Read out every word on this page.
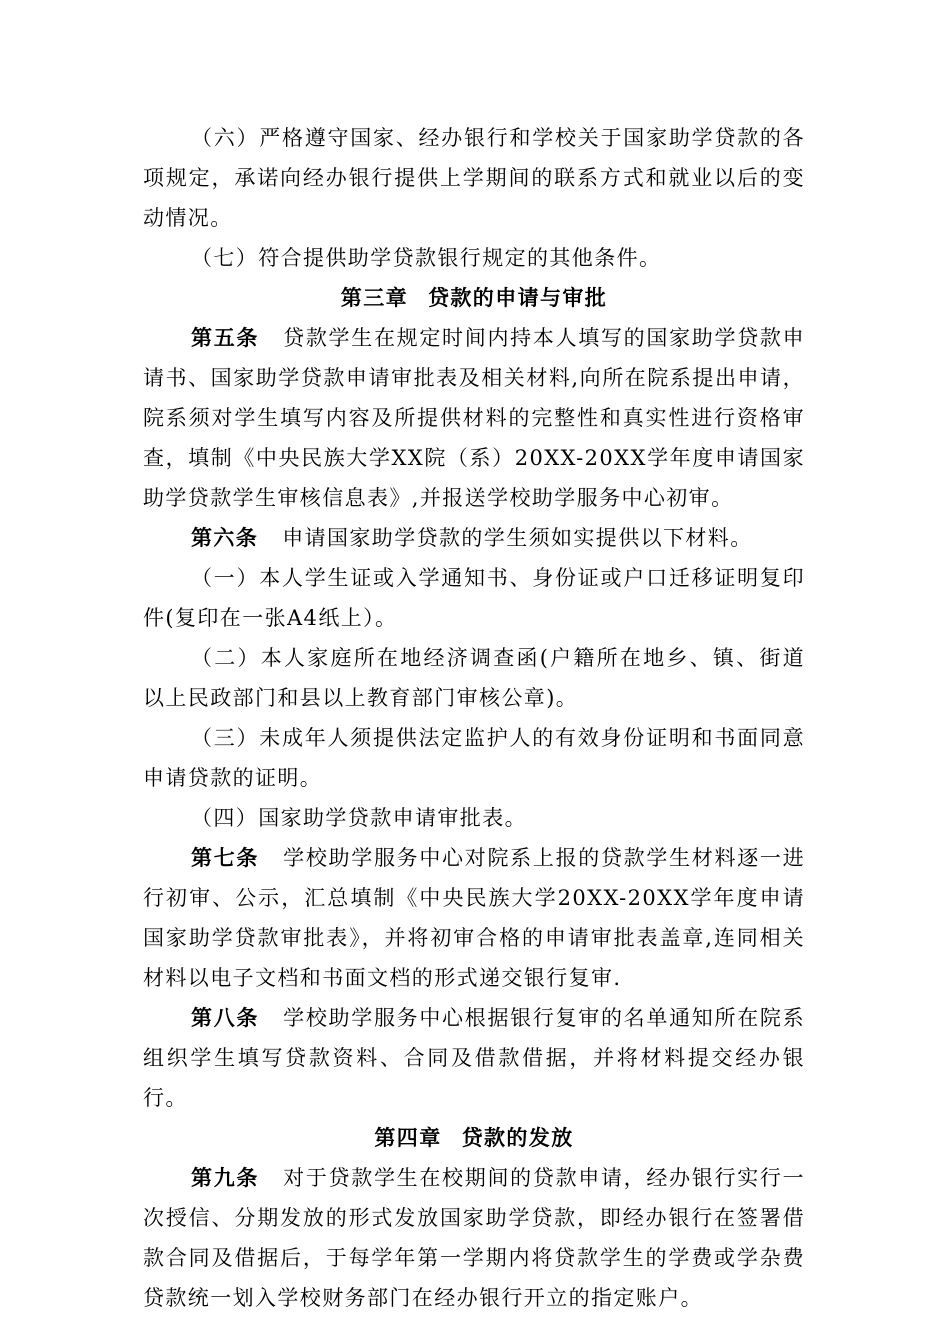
（六）严格遵守国家、经办银行和学校关于国家助学贷款的各项规定，承诺向经办银行提供上学期间的联系方式和就业以后的变动情况。

（七）符合提供助学贷款银行规定的其他条件。

第三章 贷款的申请与审批

第五条 贷款学生在规定时间内持本人填写的国家助学贷款申请书、国家助学贷款申请审批表及相关材料,向所在院系提出申请，院系须对学生填写内容及所提供材料的完整性和真实性进行资格审查，填制《中央民族大学XX院（系）20XX-20XX学年度申请国家助学贷款学生审核信息表》,并报送学校助学服务中心初审。

第六条 申请国家助学贷款的学生须如实提供以下材料。

（一）本人学生证或入学通知书、身份证或户口迁移证明复印件(复印在一张A4纸上）。

（二）本人家庭所在地经济调查函(户籍所在地乡、镇、街道以上民政部门和县以上教育部门审核公章)。

（三）未成年人须提供法定监护人的有效身份证明和书面同意申请贷款的证明。

（四）国家助学贷款申请审批表。

第七条 学校助学服务中心对院系上报的贷款学生材料逐一进行初审、公示，汇总填制《中央民族大学20XX-20XX学年度申请国家助学贷款审批表》，并将初审合格的申请审批表盖章,连同相关材料以电子文档和书面文档的形式递交银行复审.

第八条 学校助学服务中心根据银行复审的名单通知所在院系组织学生填写贷款资料、合同及借款借据，并将材料提交经办银行。

第四章 贷款的发放

第九条 对于贷款学生在校期间的贷款申请，经办银行实行一次授信、分期发放的形式发放国家助学贷款，即经办银行在签署借款合同及借据后，于每学年第一学期内将贷款学生的学费或学杂费贷款统一划入学校财务部门在经办银行开立的指定账户。
